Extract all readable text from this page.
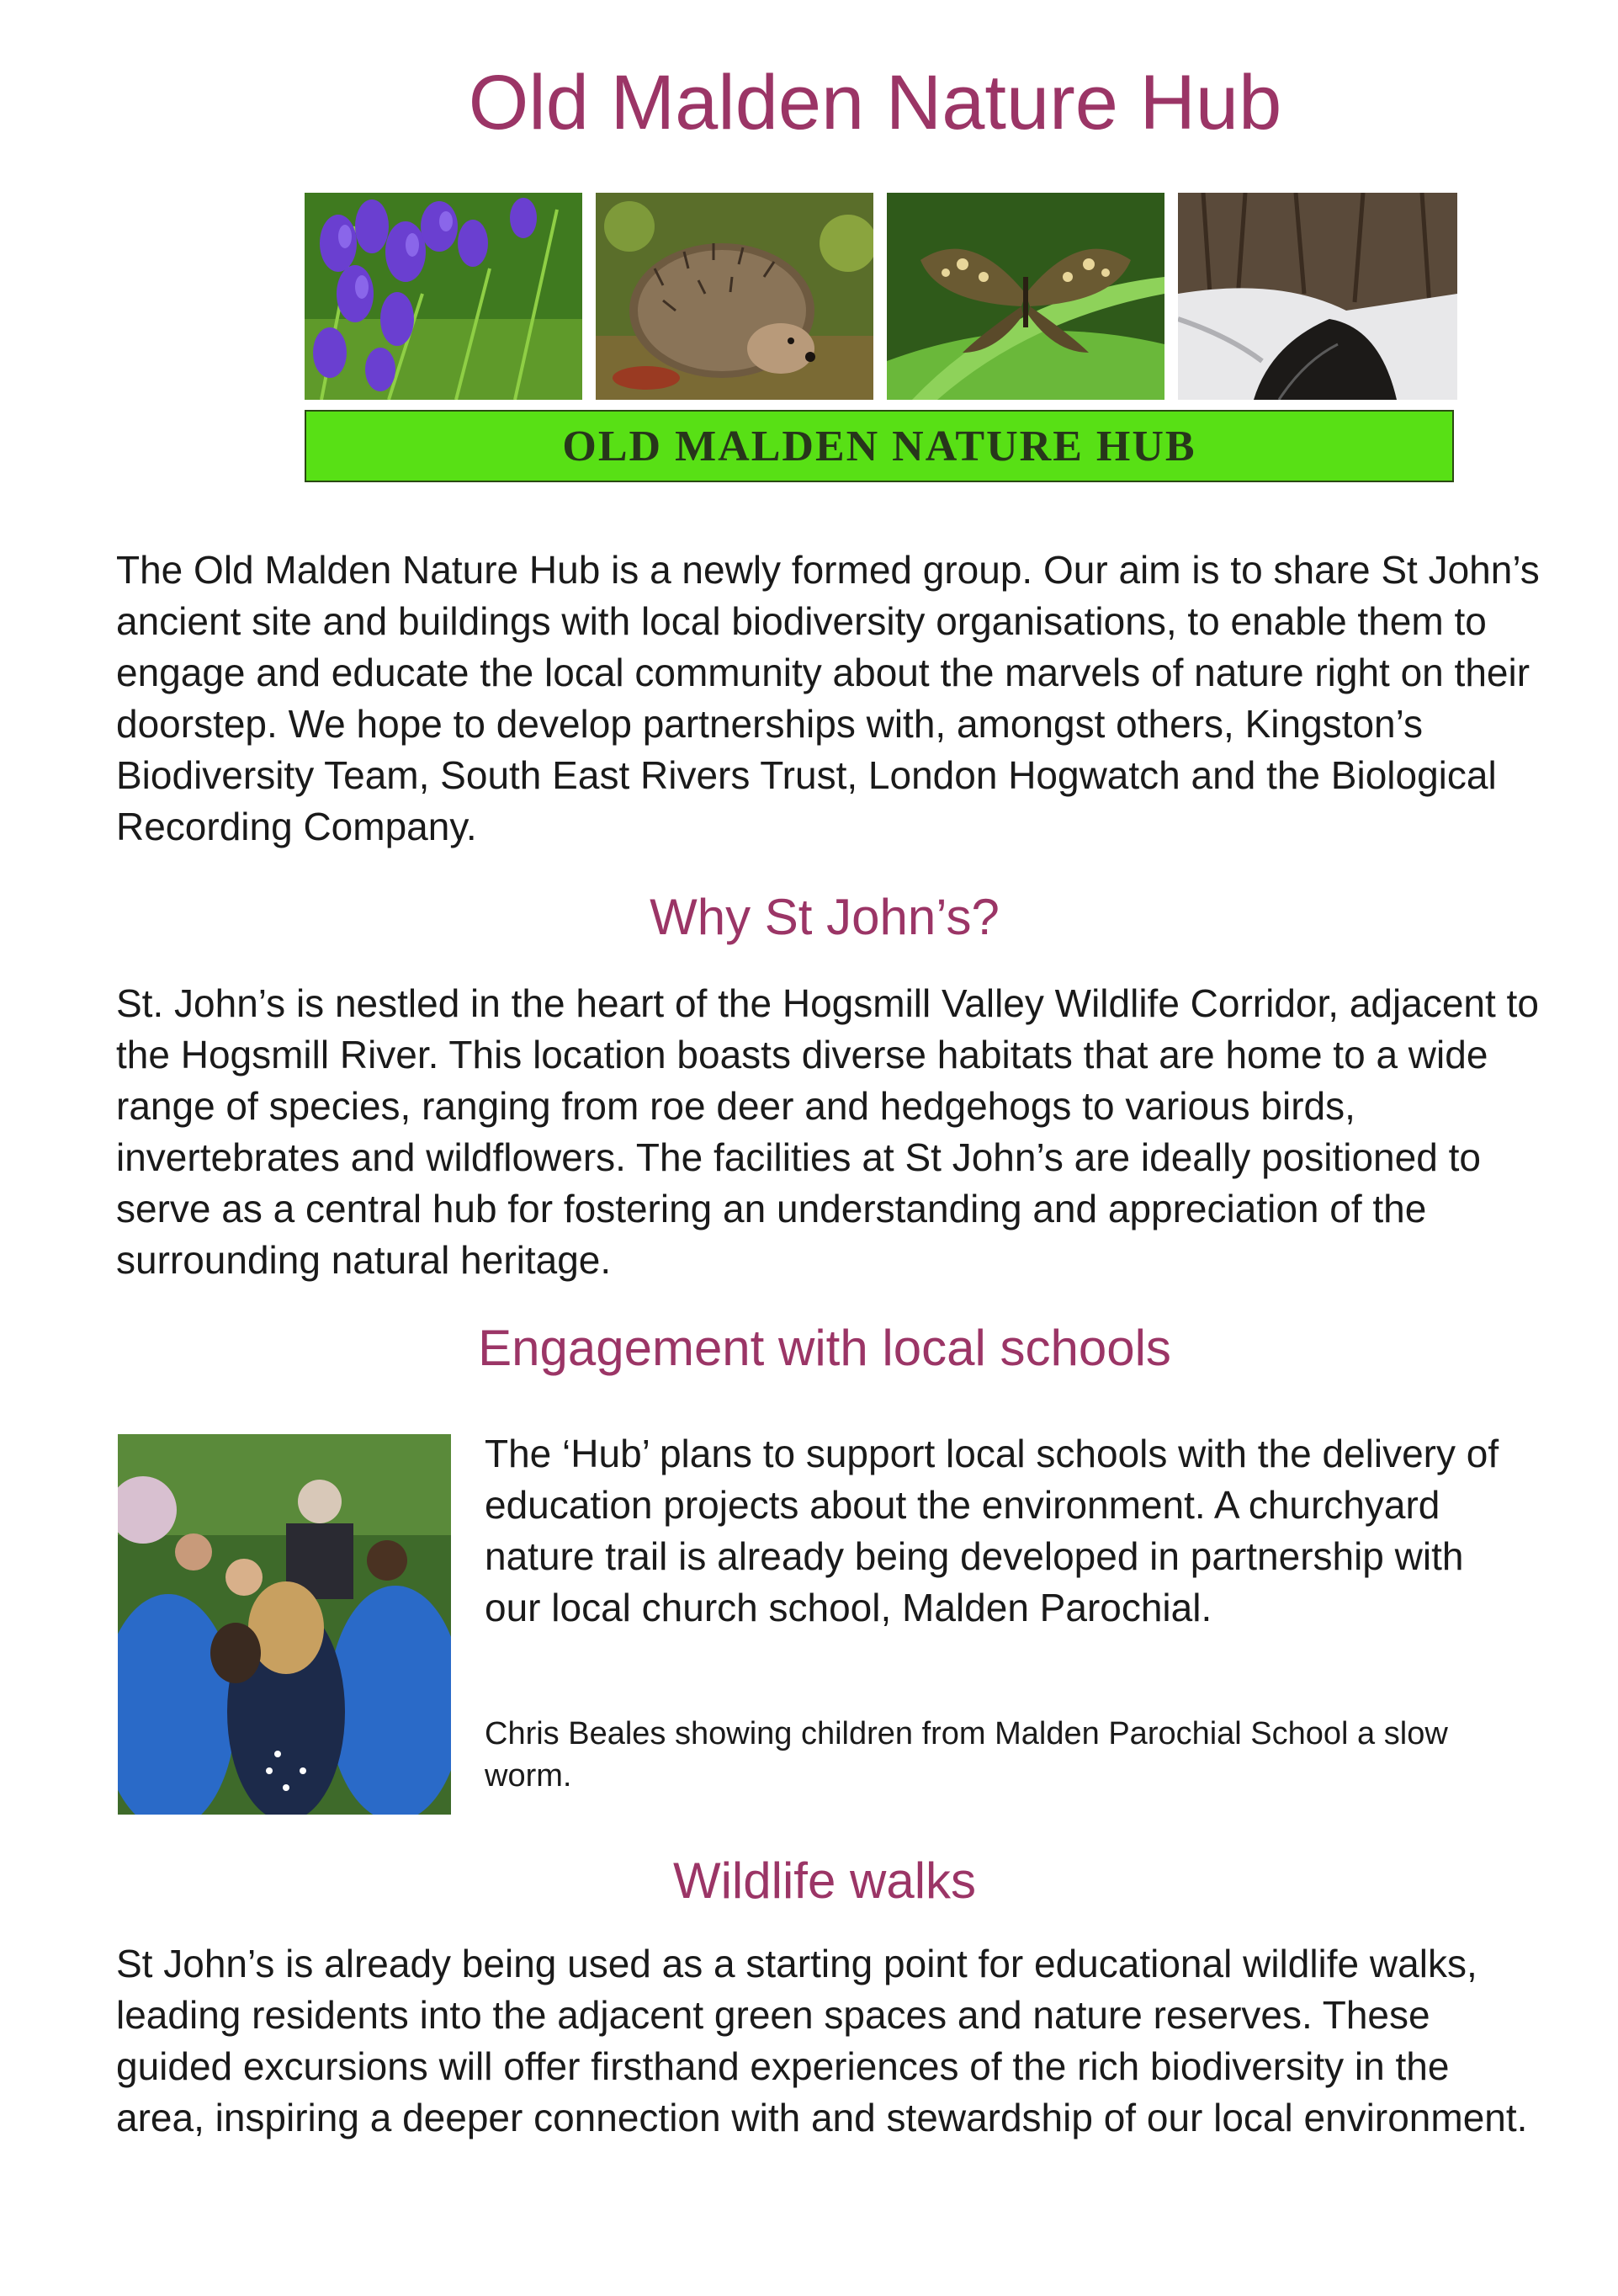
Old Malden Nature Hub
OLD MALDEN NATURE HUB

The Old Malden Nature Hub is a newly formed group. Our aim is to share St John’s ancient site and buildings with local biodiversity organisations, to enable them to engage and educate the local community about the marvels of nature right on their doorstep. We hope to develop partnerships with, amongst others, Kingston’s Biodiversity Team, South East Rivers Trust, London Hogwatch and the Biological Recording Company.

Why St John’s?

St. John’s is nestled in the heart of the Hogsmill Valley Wildlife Corridor, adjacent to the Hogsmill River. This location boasts diverse habitats that are home to a wide range of species, ranging from roe deer and hedgehogs to various birds, invertebrates and wildflowers. The facilities at St John’s are ideally positioned to serve as a central hub for fostering an understanding and appreciation of the surrounding natural heritage.

Engagement with local schools

The ‘Hub’ plans to support local schools with the delivery of education projects about the environment. A churchyard nature trail is already being developed in partnership with our local church school, Malden Parochial.

Chris Beales showing children from Malden Parochial School a slow worm.

Wildlife walks

St John’s is already being used as a starting point for educational wildlife walks, leading residents into the adjacent green spaces and nature reserves. These guided excursions will offer firsthand experiences of the rich biodiversity in the area, inspiring a deeper connection with and stewardship of our local environment.
